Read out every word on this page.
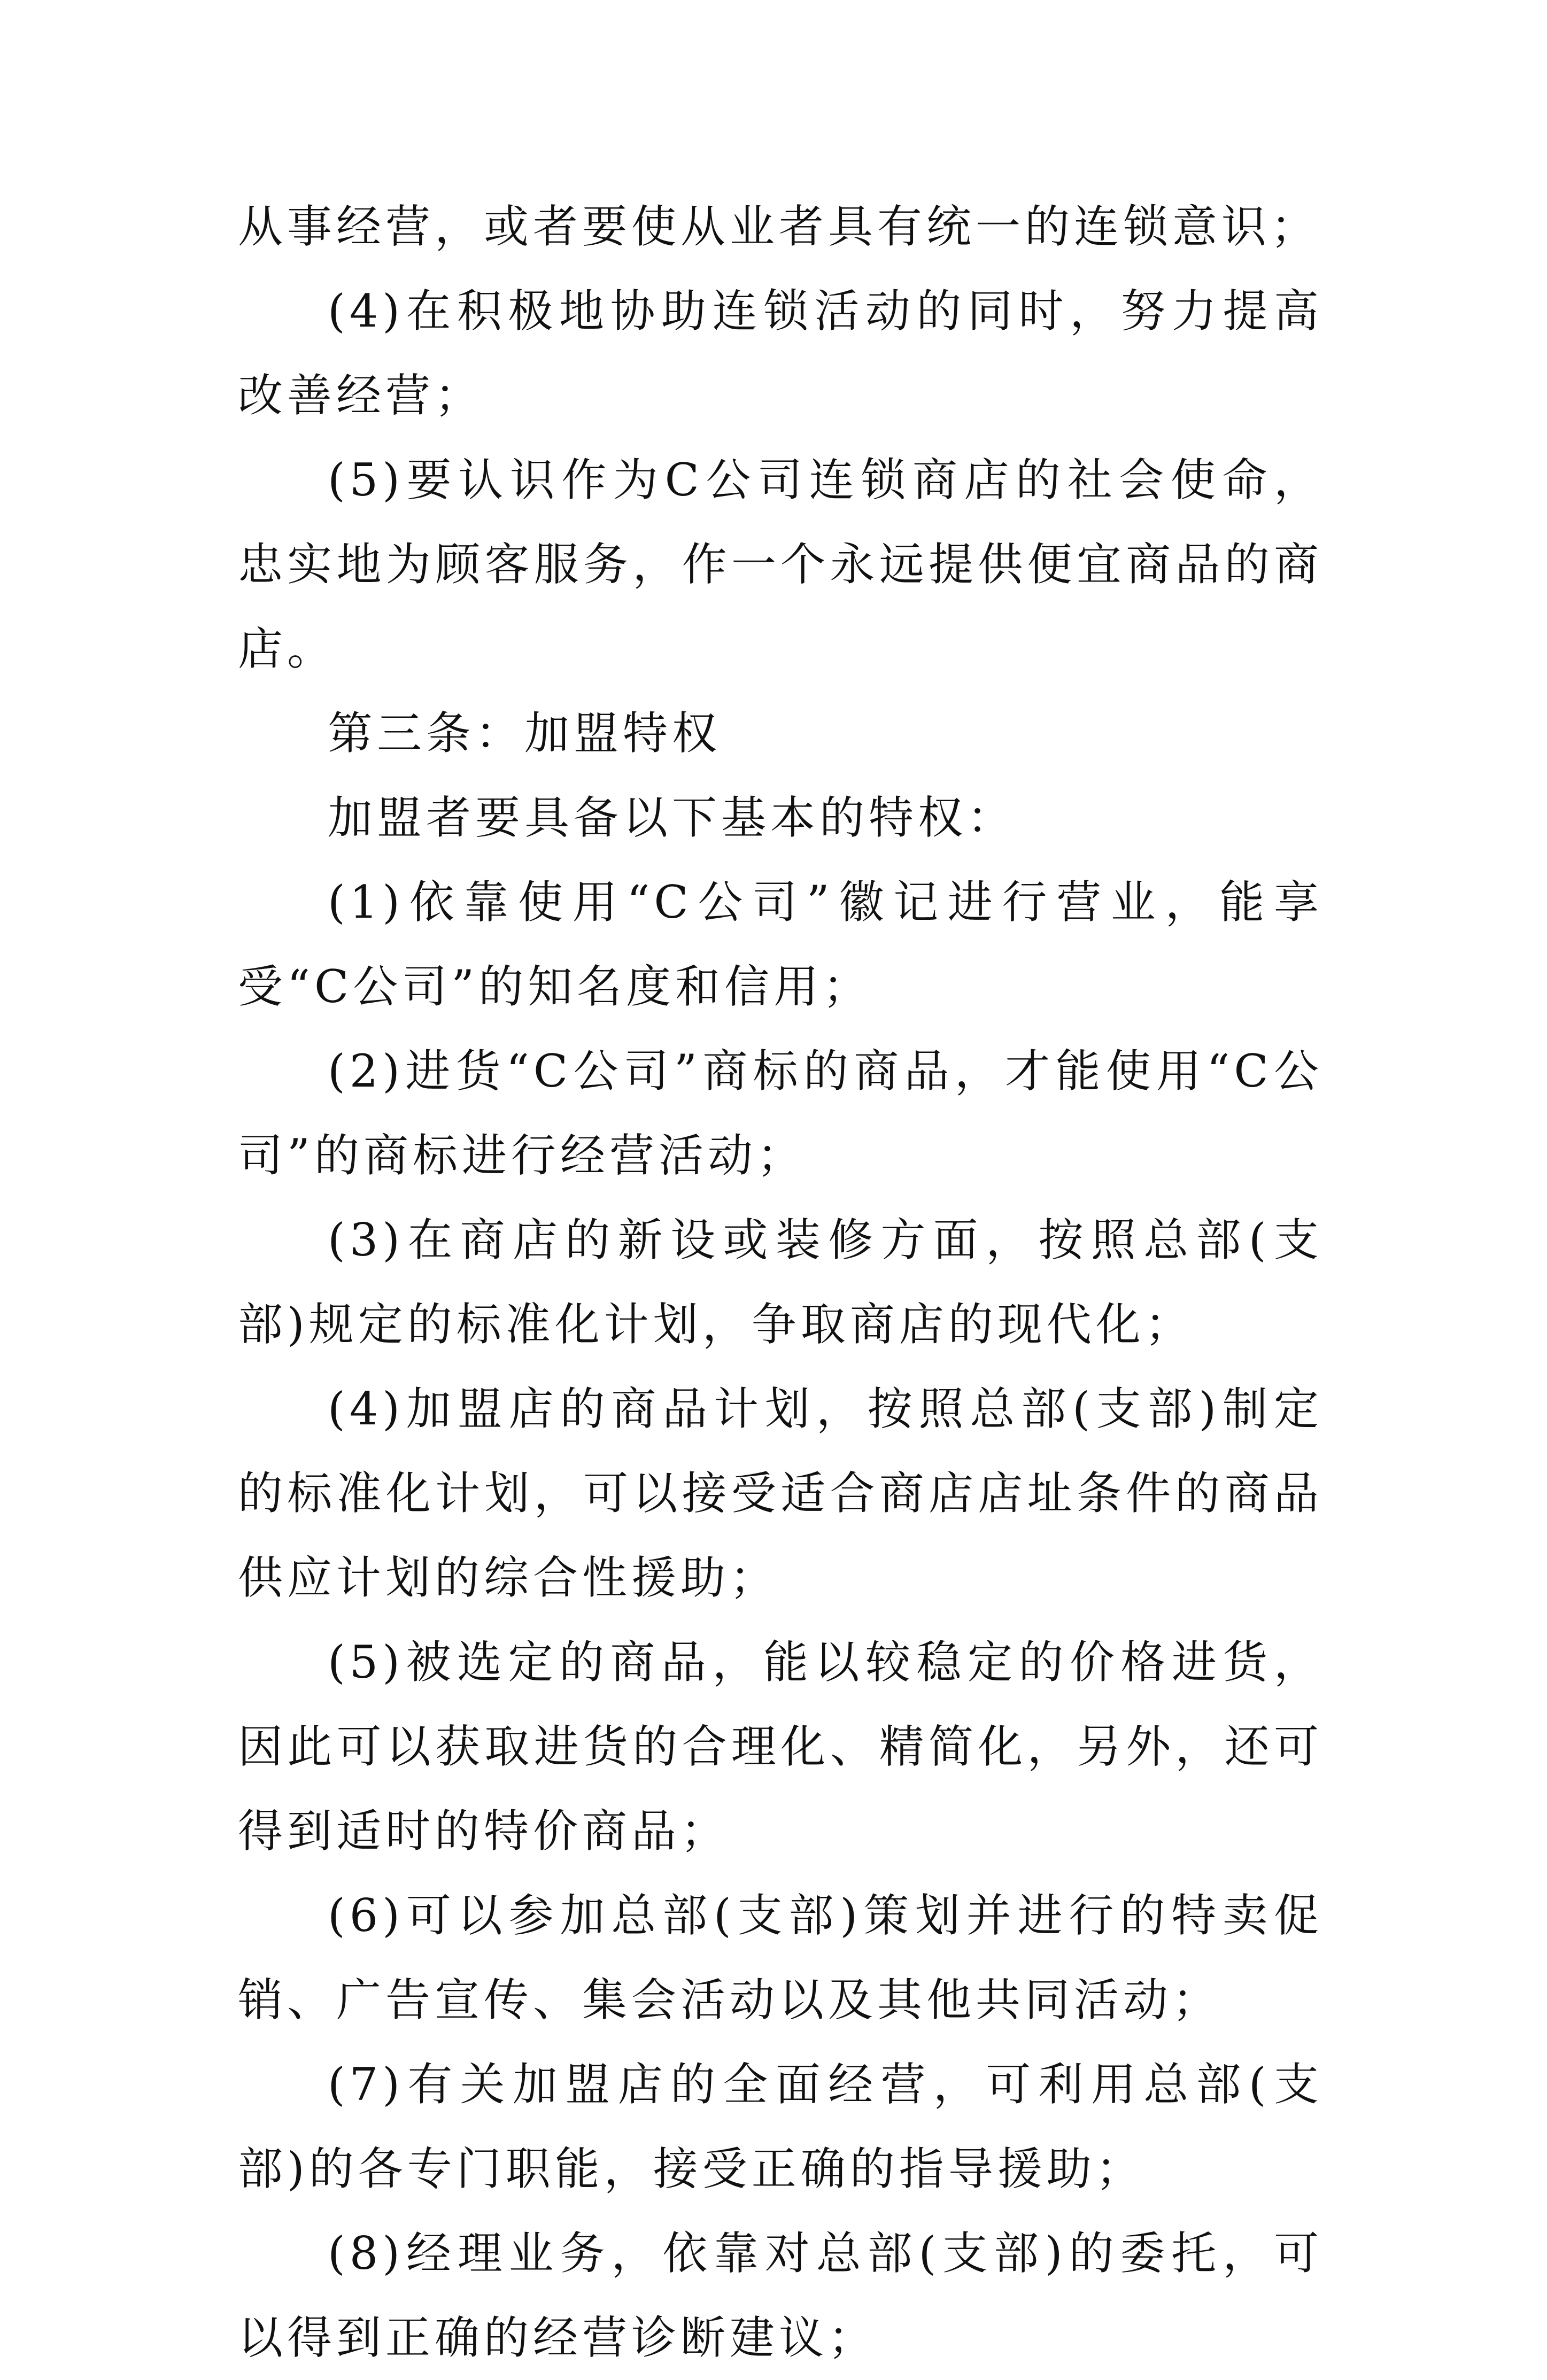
从事经营，或者要使从业者具有统一的连锁意识；

(4)在积极地协助连锁活动的同时，努力提高改善经营；

(5)要认识作为C公司连锁商店的社会使命，忠实地为顾客服务，作一个永远提供便宜商品的商店。

第三条：加盟特权

加盟者要具备以下基本的特权：

(1)依靠使用“C公司”徽记进行营业，能享受“C公司”的知名度和信用；

(2)进货“C公司”商标的商品，才能使用“C公司”的商标进行经营活动；

(3)在商店的新设或装修方面，按照总部(支部)规定的标准化计划，争取商店的现代化；

(4)加盟店的商品计划，按照总部(支部)制定的标准化计划，可以接受适合商店店址条件的商品供应计划的综合性援助；

(5)被选定的商品，能以较稳定的价格进货，因此可以获取进货的合理化、精简化，另外，还可得到适时的特价商品；

(6)可以参加总部(支部)策划并进行的特卖促销、广告宣传、集会活动以及其他共同活动；

(7)有关加盟店的全面经营，可利用总部(支部)的各专门职能，接受正确的指导援助；

(8)经理业务，依靠对总部(支部)的委托，可以得到正确的经营诊断建议；
